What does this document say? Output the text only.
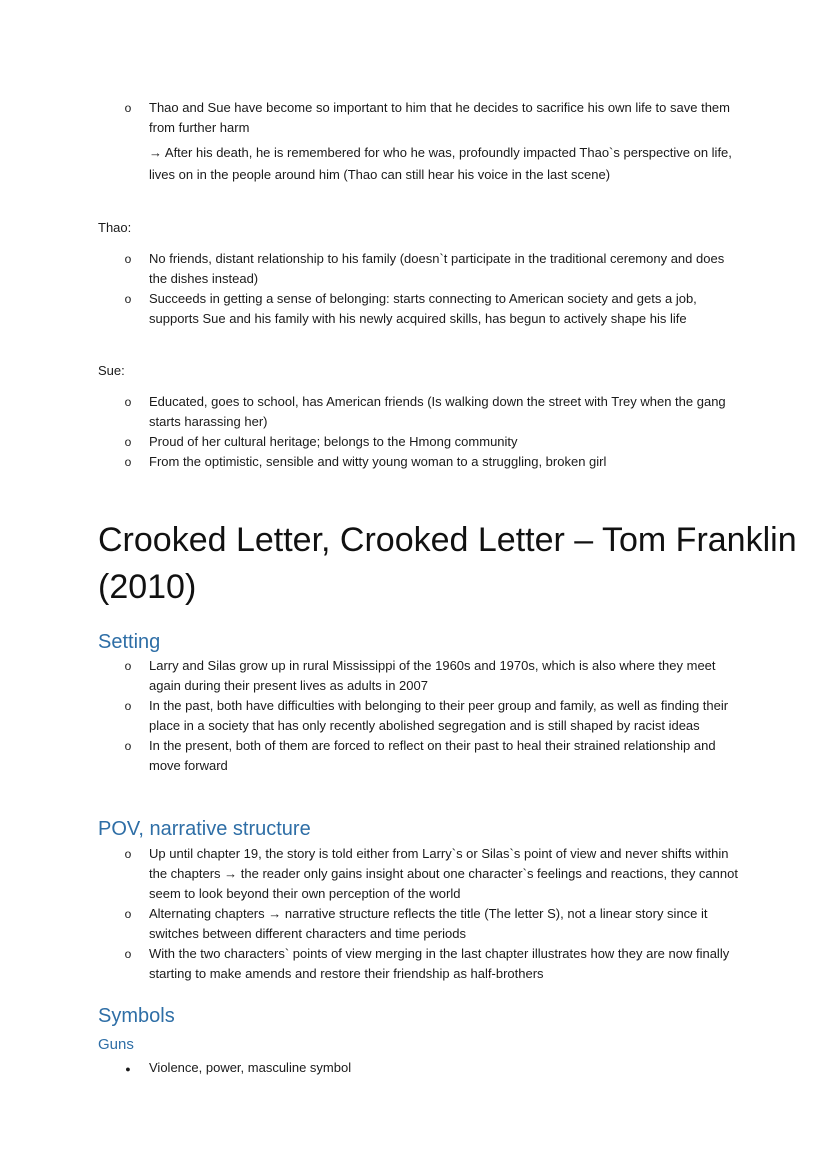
o
Thao and Sue have become so important to him that he decides to sacrifice his own life to save them from further harm
→ After his death, he is remembered for who he was, profoundly impacted Thao`s perspective on life, lives on in the people around him (Thao can still hear his voice in the last scene)
Thao:
o
No friends, distant relationship to his family (doesn`t participate in the traditional ceremony and does the dishes instead)
o
Succeeds in getting a sense of belonging: starts connecting to American society and gets a job, supports Sue and his family with his newly acquired skills, has begun to actively shape his life
Sue:
o
Educated, goes to school, has American friends (Is walking down the street with Trey when the gang starts harassing her)
o
Proud of her cultural heritage; belongs to the Hmong community
o
From the optimistic, sensible and witty young woman to a struggling, broken girl
Crooked Letter, Crooked Letter – Tom Franklin (2010)
Setting
o
Larry and Silas grow up in rural Mississippi of the 1960s and 1970s, which is also where they meet again during their present lives as adults in 2007
o
In the past, both have difficulties with belonging to their peer group and family, as well as finding their place in a society that has only recently abolished segregation and is still shaped by racist ideas
o
In the present, both of them are forced to reflect on their past to heal their strained relationship and move forward
POV, narrative structure
o
Up until chapter 19, the story is told either from Larry`s or Silas`s point of view and never shifts within the chapters → the reader only gains insight about one character`s feelings and reactions, they cannot seem to look beyond their own perception of the world
o
Alternating chapters → narrative structure reflects the title (The letter S), not a linear story since it switches between different characters and time periods
o
With the two characters` points of view merging in the last chapter illustrates how they are now finally starting to make amends and restore their friendship as half-brothers
Symbols
Guns
●
Violence, power, masculine symbol
